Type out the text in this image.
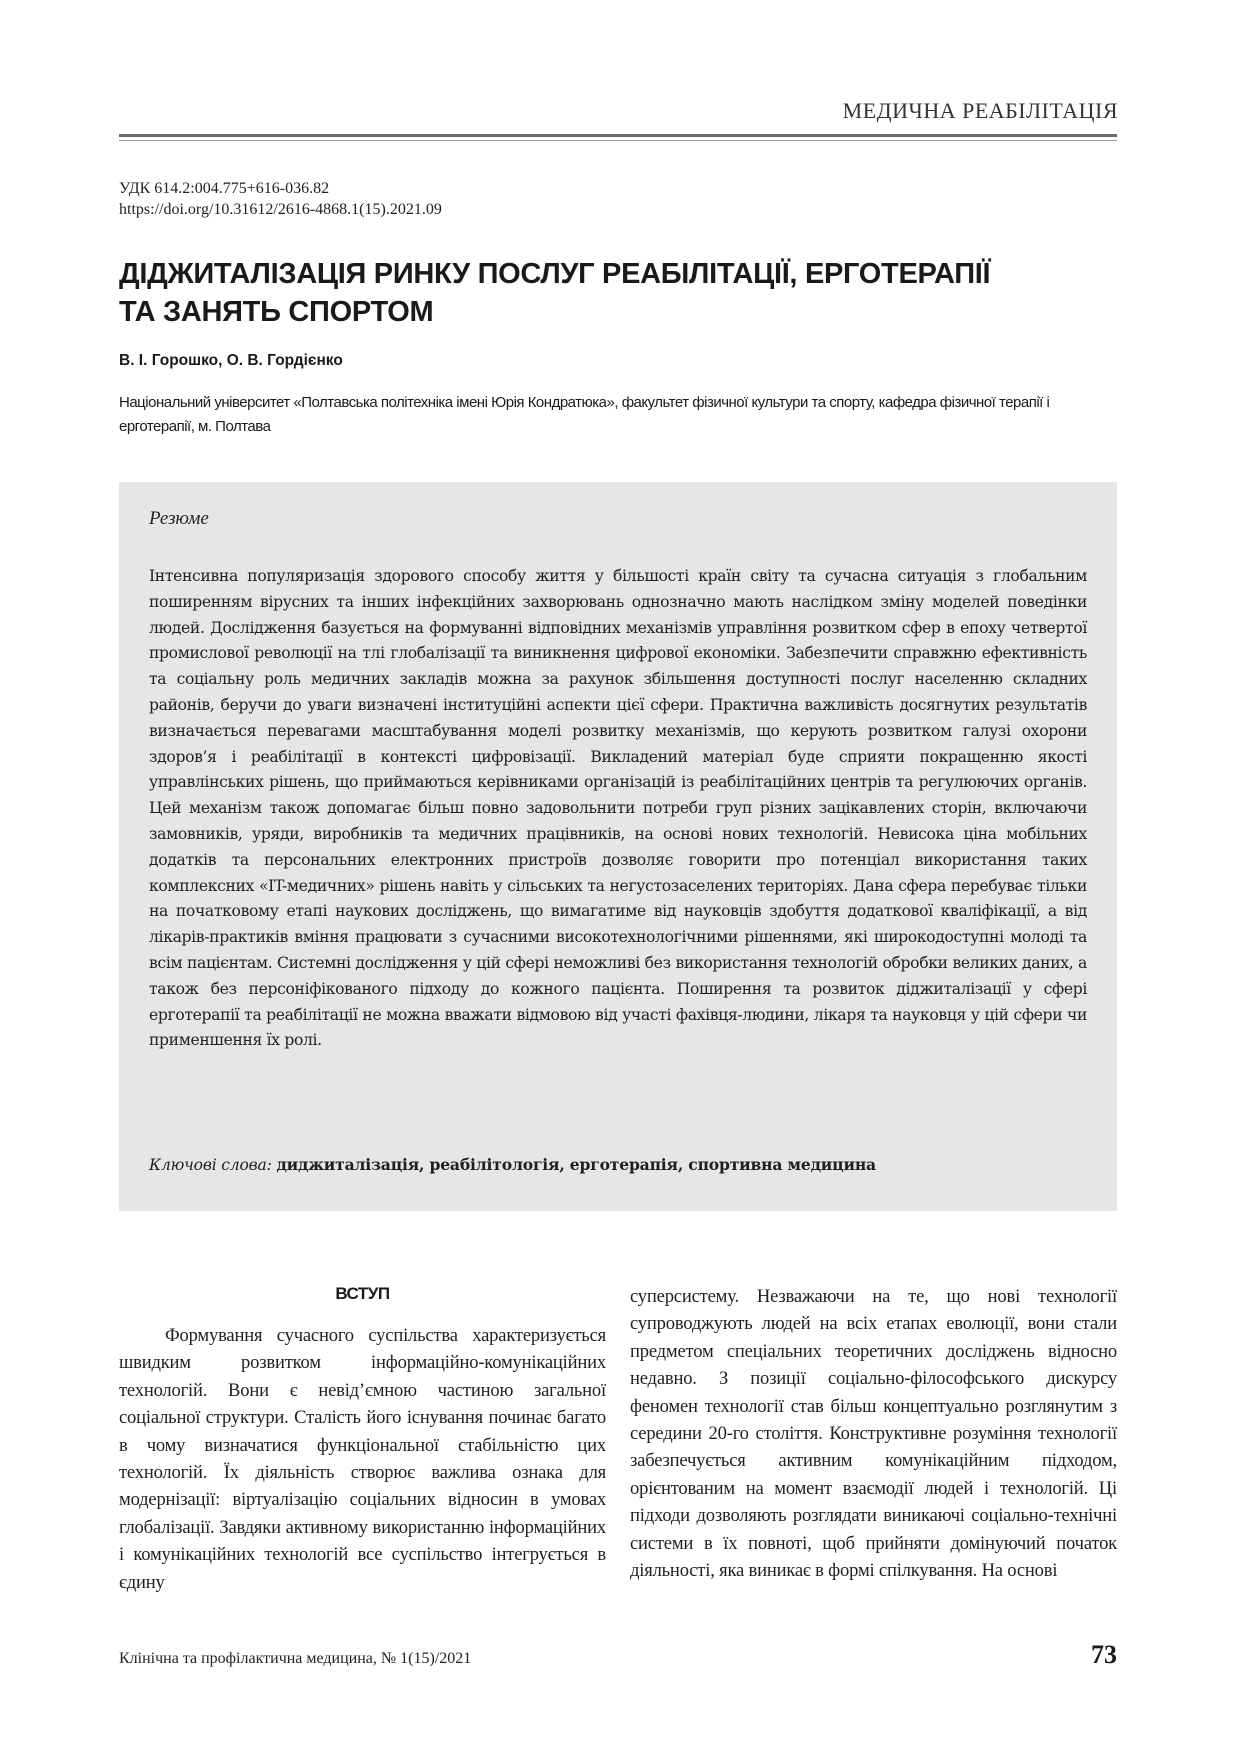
МЕДИЧНА РЕАБІЛІТАЦІЯ
УДК 614.2:004.775+616-036.82
https://doi.org/10.31612/2616-4868.1(15).2021.09
ДІДЖИТАЛІЗАЦІЯ РИНКУ ПОСЛУГ РЕАБІЛІТАЦІЇ, ЕРГОТЕРАПІЇ
ТА ЗАНЯТЬ СПОРТОМ
В. І. Горошко, О. В. Гордієнко
Національний університет «Полтавська політехніка імені Юрія Кондратюка», факультет фізичної культури та спорту, кафедра фізичної терапії і ерготерапії, м. Полтава
Резюме
Інтенсивна популяризація здорового способу життя у більшості країн світу та сучасна ситуація з глобальним поширенням вірусних та інших інфекційних захворювань однозначно мають наслідком зміну моделей поведінки людей. Дослідження базується на формуванні відповідних механізмів управління розвитком сфер в епоху четвертої промислової революції на тлі глобалізації та виникнення цифрової економіки. Забезпечити справжню ефективність та соціальну роль медичних закладів можна за рахунок збільшення доступності послуг населенню складних районів, беручи до уваги визначені інституційні аспекти цієї сфери. Практична важливість досягнутих результатів визначається перевагами масштабування моделі розвитку механізмів, що керують розвитком галузі охорони здоров’я і реабілітації в контексті цифровізації. Викладений матеріал буде сприяти покращенню якості управлінських рішень, що приймаються керівниками організацій із реабілітаційних центрів та регулюючих органів. Цей механізм також допомагає більш повно задовольнити потреби груп різних зацікавлених сторін, включаючи замовників, уряди, виробників та медичних працівників, на основі нових технологій. Невисока ціна мобільних додатків та персональних електронних пристроїв дозволяє говорити про потенціал використання таких комплексних «IT-медичних» рішень навіть у сільських та негустозаселених територіях. Дана сфера перебуває тільки на початковому етапі наукових досліджень, що вимагатиме від науковців здобуття додаткової кваліфікації, а від лікарів-практиків вміння працювати з сучасними високотехнологічними рішеннями, які широкодоступні молоді та всім пацієнтам. Системні дослідження у цій сфері неможливі без використання технологій обробки великих даних, а також без персоніфікованого підходу до кожного пацієнта. Поширення та розвиток діджиталізації у сфері ерготерапії та реабілітації не можна вважати відмовою від участі фахівця-людини, лікаря та науковця у цій сфери чи применшення їх ролі.
Ключові слова: диджиталізація, реабілітологія, ерготерапія, спортивна медицина
ВСТУП

Формування сучасного суспільства характеризується швидким розвитком інформаційно-комунікаційних технологій. Вони є невід’ємною частиною загальної соціальної структури. Сталість його існування починає багато в чому визначатися функціональної стабільністю цих технологій. Їх діяльність створює важлива ознака для модернізації: віртуалізацію соціальних відносин в умовах глобалізації. Завдяки активному використанню інформаційних і комунікаційних технологій все суспільство інтегрується в єдину

суперсистему. Незважаючи на те, що нові технології супроводжують людей на всіх етапах еволюції, вони стали предметом спеціальних теоретичних досліджень відносно недавно. З позиції соціально-філософського дискурсу феномен технології став більш концептуально розглянутим з середини 20-го століття. Конструктивне розуміння технології забезпечується активним комунікаційним підходом, орієнтованим на момент взаємодії людей і технологій. Ці підходи дозволяють розглядати виникаючі соціально-технічні системи в їх повноті, щоб прийняти домінуючий початок діяльності, яка виникає в формі спілкування. На основі

Клінічна та профілактична медицина, № 1(15)/2021	73
